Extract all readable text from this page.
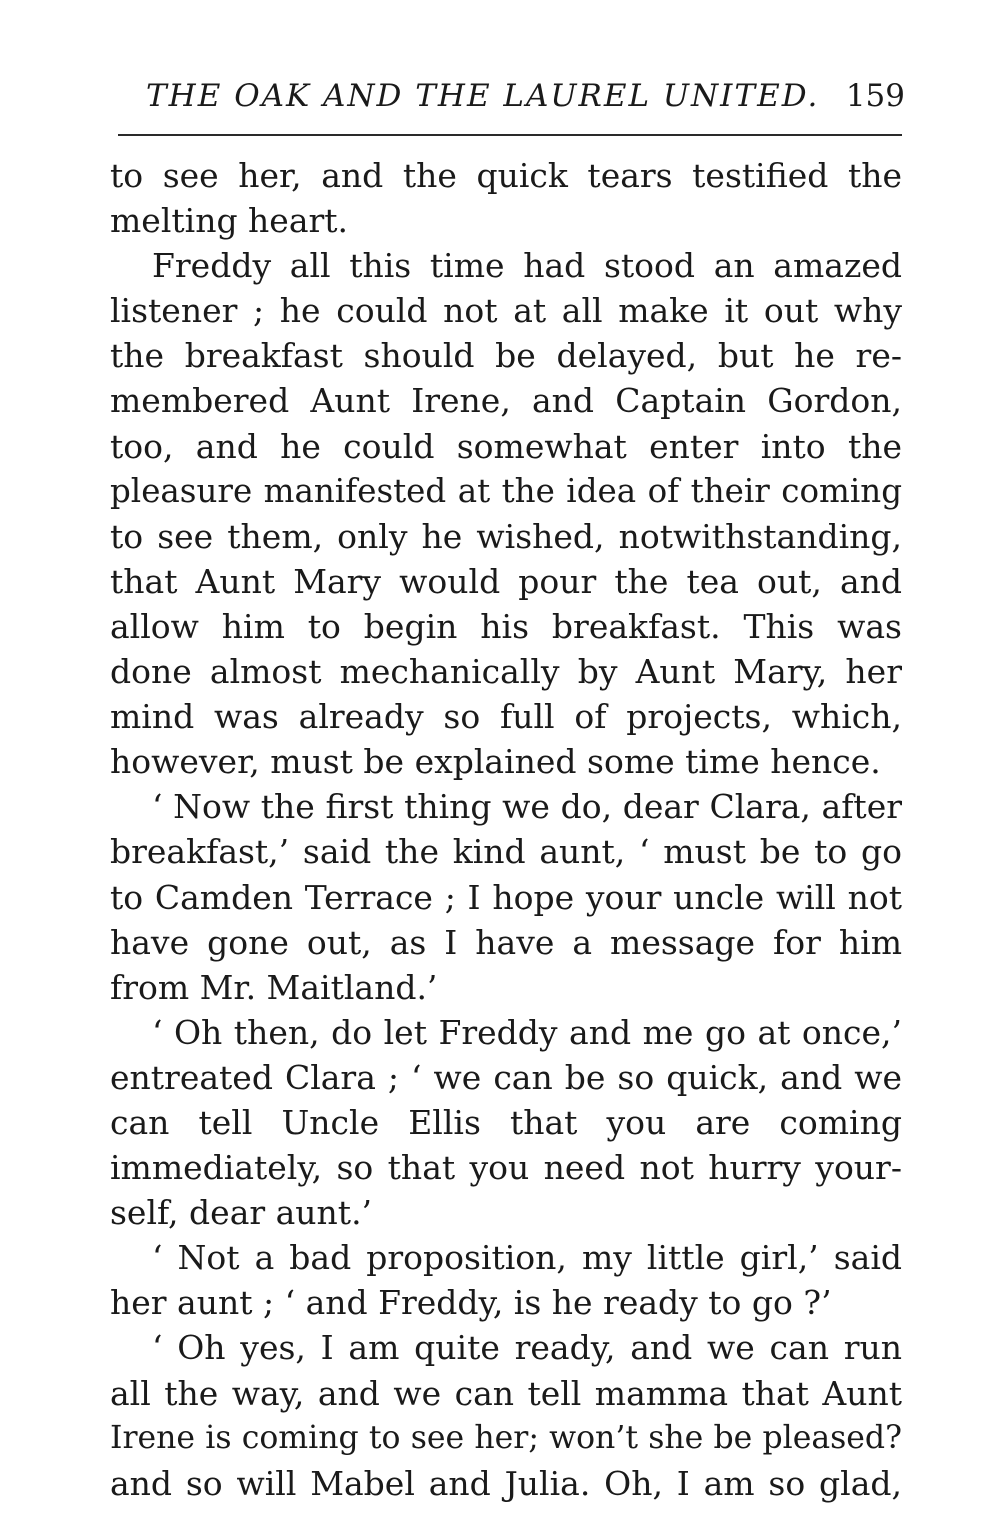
THE OAK AND THE LAUREL UNITED. 159
to see her, and the quick tears testified the
melting heart.
Freddy all this time had stood an amazed
listener ; he could not at all make it out why
the breakfast should be delayed, but he re-
membered Aunt Irene, and Captain Gordon,
too, and he could somewhat enter into the
pleasure manifested at the idea of their coming
to see them, only he wished, notwithstanding,
that Aunt Mary would pour the tea out, and
allow him to begin his breakfast. This was
done almost mechanically by Aunt Mary, her
mind was already so full of projects, which,
however, must be explained some time hence.
‘ Now the first thing we do, dear Clara, after
breakfast,’ said the kind aunt, ‘ must be to go
to Camden Terrace ; I hope your uncle will not
have gone out, as I have a message for him
from Mr. Maitland.’
‘ Oh then, do let Freddy and me go at once,’
entreated Clara ; ‘ we can be so quick, and we
can tell Uncle Ellis that you are coming
immediately, so that you need not hurry your-
self, dear aunt.’
‘ Not a bad proposition, my little girl,’ said
her aunt ; ‘ and Freddy, is he ready to go ?’
‘ Oh yes, I am quite ready, and we can run
all the way, and we can tell mamma that Aunt
Irene is coming to see her; won’t she be pleased?
and so will Mabel and Julia. Oh, I am so glad,
